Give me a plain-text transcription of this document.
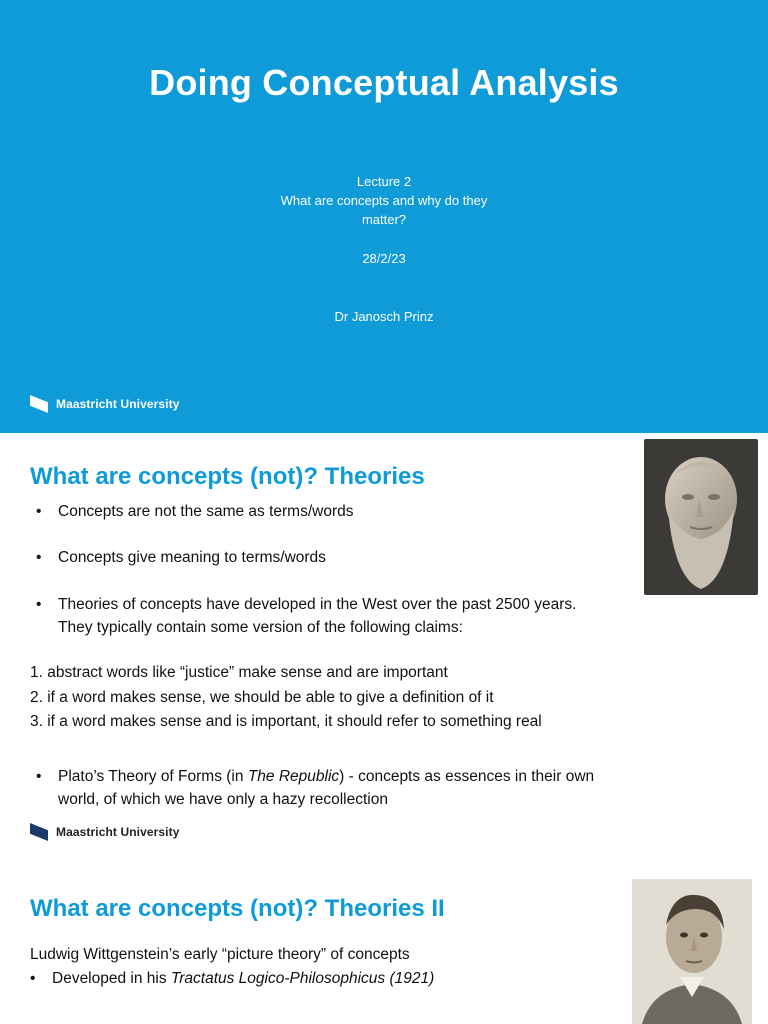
Doing Conceptual Analysis
Lecture 2
What are concepts and why do they
matter?
28/2/23
Dr Janosch Prinz
Maastricht University
What are concepts (not)? Theories
• Concepts are not the same as terms/words
• Concepts give meaning to terms/words
• Theories of concepts have developed in the West over the past 2500 years.
They typically contain some version of the following claims:
1. abstract words like “justice” make sense and are important
2. if a word makes sense, we should be able to give a definition of it
3. if a word makes sense and is important, it should refer to something real
• Plato’s Theory of Forms (in The Republic) - concepts as essences in their own
world, of which we have only a hazy recollection
Maastricht University
What are concepts (not)? Theories II
Ludwig Wittgenstein’s early “picture theory” of concepts
• Developed in his Tractatus Logico-Philosophicus (1921)
